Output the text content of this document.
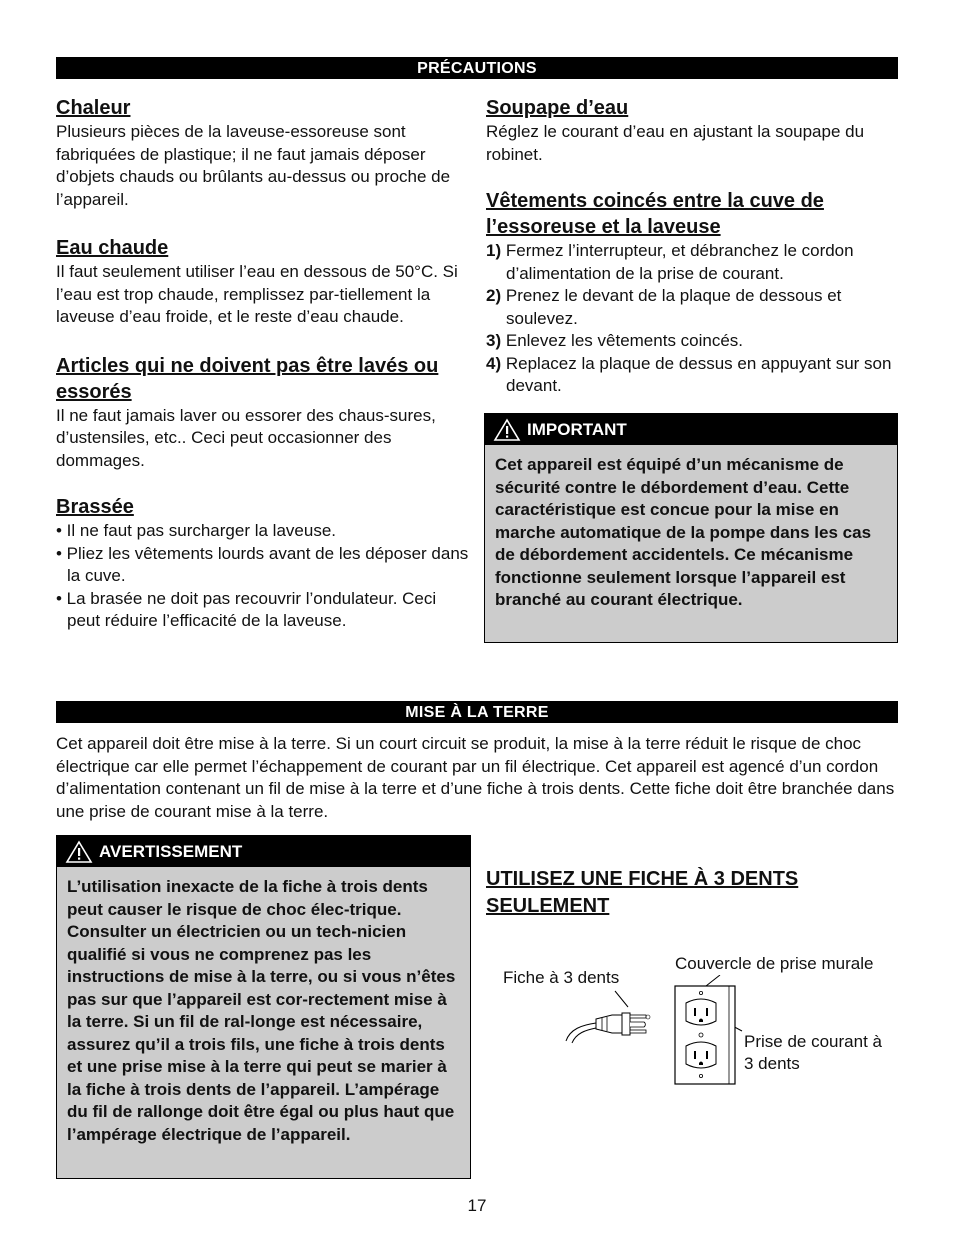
PRÉCAUTIONS
Chaleur

Plusieurs pièces de la laveuse-essoreuse sont fabriquées de plastique; il ne faut jamais déposer d’objets chauds ou brûlants au-dessus ou proche de l’appareil.

Eau chaude

Il faut seulement utiliser l’eau en dessous de 50°C. Si l’eau est trop chaude, remplissez par-tiellement la laveuse d’eau froide, et le reste d’eau chaude.

Articles qui ne doivent pas être lavés ou essorés

Il ne faut jamais laver ou essorer des chaus-sures, d’ustensiles, etc.. Ceci peut occasionner des dommages.

Brassée
• Il ne faut pas surcharger la laveuse.
• Pliez les vêtements lourds avant de les déposer dans la cuve.
• La brasée ne doit pas recouvrir l’ondulateur. Ceci peut réduire l’efficacité de la laveuse.
Soupape d’eau

Réglez le courant d’eau en ajustant la soupape du robinet.

Vêtements coincés entre la cuve de l’essoreuse et la laveuse
1) Fermez l’interrupteur, et débranchez le cordon d’alimentation de la prise de courant.
2) Prenez le devant de la plaque de dessous et soulevez.
3) Enlevez les vêtements coincés.
4) Replacez la plaque de dessus en appuyant sur son devant.
IMPORTANT
Cet appareil est équipé d’un mécanisme de sécurité contre le débordement d’eau. Cette caractéristique est concue pour la mise en marche automatique de la pompe dans les cas de débordement accidentels. Ce mécanisme fonctionne seulement lorsque l’appareil est branché au courant électrique.
MISE À LA TERRE

Cet appareil doit être mise à la terre. Si un court circuit se produit, la mise à la terre réduit le risque de choc électrique car elle permet l’échappement de courant par un fil électrique. Cet appareil est agencé d’un cordon d’alimentation contenant un fil de mise à la terre et d’une fiche à trois dents. Cette fiche doit être branchée dans une prise de courant mise à la terre.

AVERTISSEMENT
L’utilisation inexacte de la fiche à trois dents peut causer le risque de choc élec-trique. Consulter un électricien ou un tech-nicien qualifié si vous ne comprenez pas les instructions de mise à la terre, ou si vous n’êtes pas sur que l’appareil est cor-rectement mise à la terre. Si un fil de ral-longe est nécessaire, assurez qu’il a trois fils, une fiche à trois dents et une prise mise à la terre qui peut se marier à la fiche à trois dents de l’appareil. L’ampérage du fil de rallonge doit être égal ou plus haut que l’ampérage électrique de l’appareil.
UTILISEZ UNE FICHE À 3 DENTS SEULEMENT
Fiche à 3 dents
Couvercle de prise murale
Prise de courant à
3 dents
17
